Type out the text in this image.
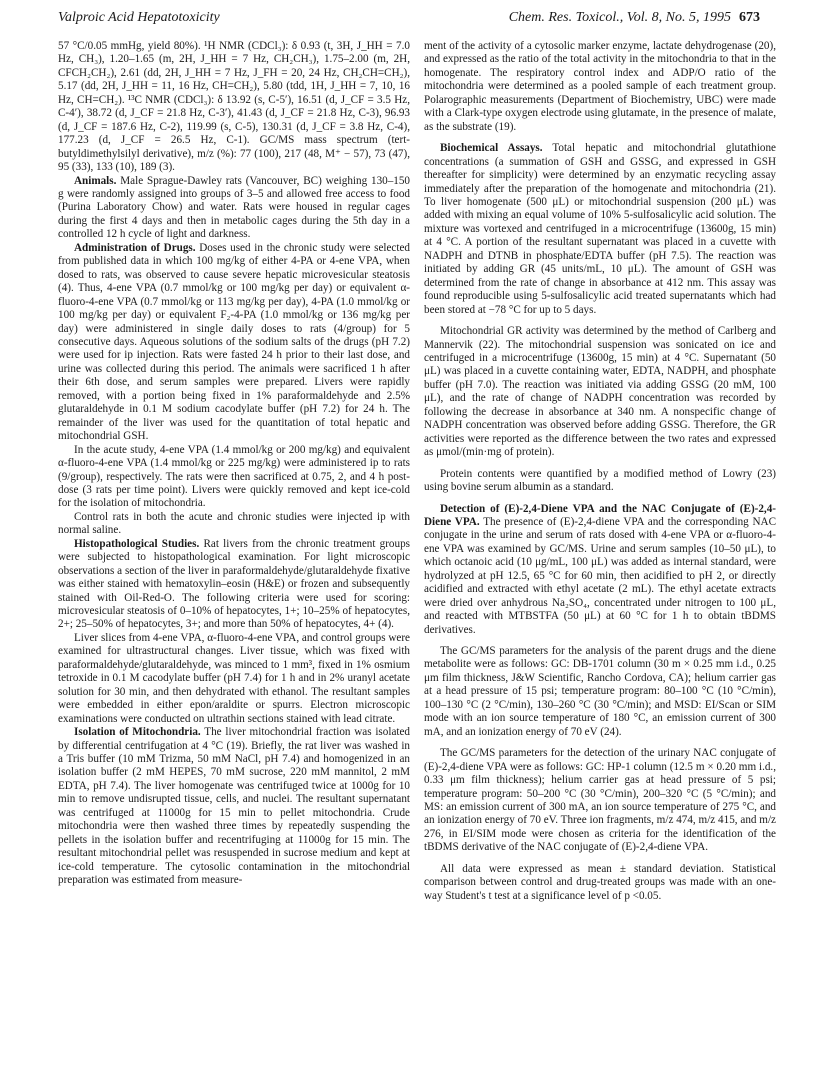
Valproic Acid Hepatotoxicity	Chem. Res. Toxicol., Vol. 8, No. 5, 1995 673

57 °C/0.05 mmHg, yield 80%). ¹H NMR (CDCl₃): δ 0.93 (t, 3H, J_HH = 7.0 Hz, CH₃), 1.20–1.65 (m, 2H, J_HH = 7 Hz, CH₂CH₃), 1.75–2.00 (m, 2H, CFCH₂CH₂), 2.61 (dd, 2H, J_HH = 7 Hz, J_FH = 20, 24 Hz, CH₂CH=CH₂), 5.17 (dd, 2H, J_HH = 11, 16 Hz, CH=CH₂), 5.80 (tdd, 1H, J_HH = 7, 10, 16 Hz, CH=CH₂). ¹³C NMR (CDCl₃): δ 13.92 (s, C-5′), 16.51 (d, J_CF = 3.5 Hz, C-4′), 38.72 (d, J_CF = 21.8 Hz, C-3′), 41.43 (d, J_CF = 21.8 Hz, C-3), 96.93 (d, J_CF = 187.6 Hz, C-2), 119.99 (s, C-5), 130.31 (d, J_CF = 3.8 Hz, C-4), 177.23 (d, J_CF = 26.5 Hz, C-1). GC/MS mass spectrum (tert-butyldimethylsilyl derivative), m/z (%): 77 (100), 217 (48, M⁺ − 57), 73 (47), 95 (33), 133 (10), 189 (3).

Animals. Male Sprague-Dawley rats (Vancouver, BC) weighing 130–150 g were randomly assigned into groups of 3–5 and allowed free access to food (Purina Laboratory Chow) and water. Rats were housed in regular cages during the first 4 days and then in metabolic cages during the 5th day in a controlled 12 h cycle of light and darkness.

Administration of Drugs. Doses used in the chronic study were selected from published data in which 100 mg/kg of either 4-PA or 4-ene VPA, when dosed to rats, was observed to cause severe hepatic microvesicular steatosis (4). Thus, 4-ene VPA (0.7 mmol/kg or 100 mg/kg per day) or equivalent α-fluoro-4-ene VPA (0.7 mmol/kg or 113 mg/kg per day), 4-PA (1.0 mmol/kg or 100 mg/kg per day) or equivalent F₂-4-PA (1.0 mmol/kg or 136 mg/kg per day) were administered in single daily doses to rats (4/group) for 5 consecutive days. Aqueous solutions of the sodium salts of the drugs (pH 7.2) were used for ip injection. Rats were fasted 24 h prior to their last dose, and urine was collected during this period. The animals were sacrificed 1 h after their 6th dose, and serum samples were prepared. Livers were rapidly removed, with a portion being fixed in 1% paraformaldehyde and 2.5% glutaraldehyde in 0.1 M sodium cacodylate buffer (pH 7.2) for 24 h. The remainder of the liver was used for the quantitation of total hepatic and mitochondrial GSH.

In the acute study, 4-ene VPA (1.4 mmol/kg or 200 mg/kg) and equivalent α-fluoro-4-ene VPA (1.4 mmol/kg or 225 mg/kg) were administered ip to rats (9/group), respectively. The rats were then sacrificed at 0.75, 2, and 4 h post-dose (3 rats per time point). Livers were quickly removed and kept ice-cold for the isolation of mitochondria.

Control rats in both the acute and chronic studies were injected ip with normal saline.

Histopathological Studies. Rat livers from the chronic treatment groups were subjected to histopathological examination. For light microscopic observations a section of the liver in paraformaldehyde/glutaraldehyde fixative was either stained with hematoxylin–eosin (H&E) or frozen and subsequently stained with Oil-Red-O. The following criteria were used for scoring: microvesicular steatosis of 0–10% of hepatocytes, 1+; 10–25% of hepatocytes, 2+; 25–50% of hepatocytes, 3+; and more than 50% of hepatocytes, 4+ (4).

Liver slices from 4-ene VPA, α-fluoro-4-ene VPA, and control groups were examined for ultrastructural changes. Liver tissue, which was fixed with paraformaldehyde/glutaraldehyde, was minced to 1 mm³, fixed in 1% osmium tetroxide in 0.1 M cacodylate buffer (pH 7.4) for 1 h and in 2% uranyl acetate solution for 30 min, and then dehydrated with ethanol. The resultant samples were embedded in either epon/araldite or spurrs. Electron microscopic examinations were conducted on ultrathin sections stained with lead citrate.

Isolation of Mitochondria. The liver mitochondrial fraction was isolated by differential centrifugation at 4 °C (19). Briefly, the rat liver was washed in a Tris buffer (10 mM Trizma, 50 mM NaCl, pH 7.4) and homogenized in an isolation buffer (2 mM HEPES, 70 mM sucrose, 220 mM mannitol, 2 mM EDTA, pH 7.4). The liver homogenate was centrifuged twice at 1000g for 10 min to remove undisrupted tissue, cells, and nuclei. The resultant supernatant was centrifuged at 11000g for 15 min to pellet mitochondria. Crude mitochondria were then washed three times by repeatedly suspending the pellets in the isolation buffer and recentrifuging at 11000g for 15 min. The resultant mitochondrial pellet was resuspended in sucrose medium and kept at ice-cold temperature. The cytosolic contamination in the mitochondrial preparation was estimated from measure-

ment of the activity of a cytosolic marker enzyme, lactate dehydrogenase (20), and expressed as the ratio of the total activity in the mitochondria to that in the homogenate. The respiratory control index and ADP/O ratio of the mitochondria were determined as a pooled sample of each treatment group. Polarographic measurements (Department of Biochemistry, UBC) were made with a Clark-type oxygen electrode using glutamate, in the presence of malate, as the substrate (19).

Biochemical Assays. Total hepatic and mitochondrial glutathione concentrations (a summation of GSH and GSSG, and expressed in GSH thereafter for simplicity) were determined by an enzymatic recycling assay immediately after the preparation of the homogenate and mitochondria (21). To liver homogenate (500 μL) or mitochondrial suspension (200 μL) was added with mixing an equal volume of 10% 5-sulfosalicylic acid solution. The mixture was vortexed and centrifuged in a microcentrifuge (13600g, 15 min) at 4 °C. A portion of the resultant supernatant was placed in a cuvette with NADPH and DTNB in phosphate/EDTA buffer (pH 7.5). The reaction was initiated by adding GR (45 units/mL, 10 μL). The amount of GSH was determined from the rate of change in absorbance at 412 nm. This assay was found reproducible using 5-sulfosalicylic acid treated supernatants which had been stored at −78 °C for up to 5 days.

Mitochondrial GR activity was determined by the method of Carlberg and Mannervik (22). The mitochondrial suspension was sonicated on ice and centrifuged in a microcentrifuge (13600g, 15 min) at 4 °C. Supernatant (50 μL) was placed in a cuvette containing water, EDTA, NADPH, and phosphate buffer (pH 7.0). The reaction was initiated via adding GSSG (20 mM, 100 μL), and the rate of change of NADPH concentration was recorded by following the decrease in absorbance at 340 nm. A nonspecific change of NADPH concentration was observed before adding GSSG. Therefore, the GR activities were reported as the difference between the two rates and expressed as μmol/(min·mg of protein).

Protein contents were quantified by a modified method of Lowry (23) using bovine serum albumin as a standard.

Detection of (E)-2,4-Diene VPA and the NAC Conjugate of (E)-2,4-Diene VPA. The presence of (E)-2,4-diene VPA and the corresponding NAC conjugate in the urine and serum of rats dosed with 4-ene VPA or α-fluoro-4-ene VPA was examined by GC/MS. Urine and serum samples (10–50 μL), to which octanoic acid (10 μg/mL, 100 μL) was added as internal standard, were hydrolyzed at pH 12.5, 65 °C for 60 min, then acidified to pH 2, or directly acidified and extracted with ethyl acetate (2 mL). The ethyl acetate extracts were dried over anhydrous Na₂SO₄, concentrated under nitrogen to 100 μL, and reacted with MTBSTFA (50 μL) at 60 °C for 1 h to obtain tBDMS derivatives.

The GC/MS parameters for the analysis of the parent drugs and the diene metabolite were as follows: GC: DB-1701 column (30 m × 0.25 mm i.d., 0.25 μm film thickness, J&W Scientific, Rancho Cordova, CA); helium carrier gas at a head pressure of 15 psi; temperature program: 80–100 °C (10 °C/min), 100–130 °C (2 °C/min), 130–260 °C (30 °C/min); and MSD: EI/Scan or SIM mode with an ion source temperature of 180 °C, an emission current of 300 mA, and an ionization energy of 70 eV (24).

The GC/MS parameters for the detection of the urinary NAC conjugate of (E)-2,4-diene VPA were as follows: GC: HP-1 column (12.5 m × 0.20 mm i.d., 0.33 μm film thickness); helium carrier gas at head pressure of 5 psi; temperature program: 50–200 °C (30 °C/min), 200–320 °C (5 °C/min); and MS: an emission current of 300 mA, an ion source temperature of 275 °C, and an ionization energy of 70 eV. Three ion fragments, m/z 474, m/z 415, and m/z 276, in EI/SIM mode were chosen as criteria for the identification of the tBDMS derivative of the NAC conjugate of (E)-2,4-diene VPA.

All data were expressed as mean ± standard deviation. Statistical comparison between control and drug-treated groups was made with an one-way Student's t test at a significance level of p <0.05.
